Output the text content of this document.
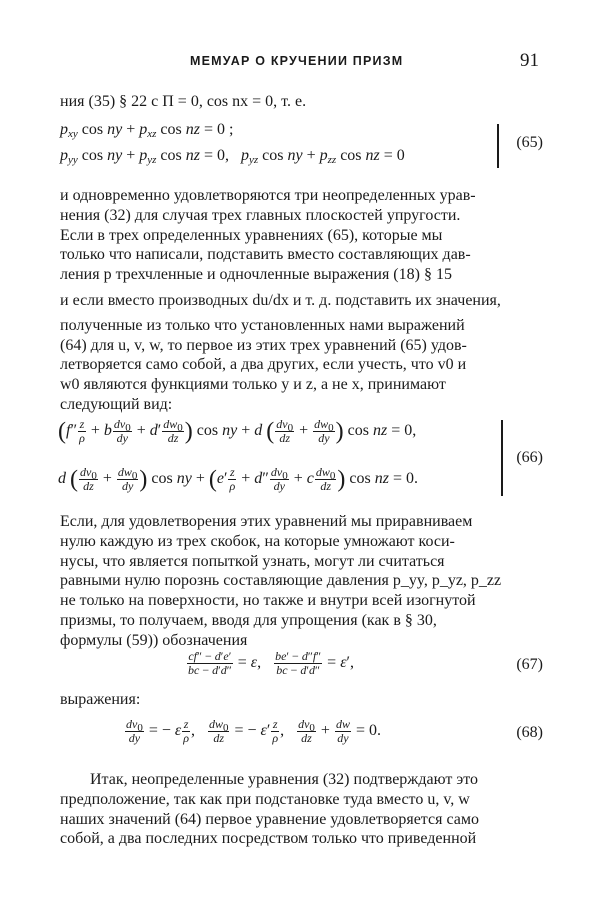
МЕМУАР О КРУЧЕНИИ ПРИЗМ	91

ния (35) § 22 с П = 0, cos nx = 0, т. е.

$p_{xy}$ cos ny + $p_{xz}$ cos nz = 0 ;
$p_{yy}$ cos ny + $p_{yz}$ cos nz = 0,   $p_{yz}$ cos ny + $p_{zz}$ cos nz = 0
(65)

и одновременно удовлетворяются три неопределенных урав-

нения (32) для случая трех главных плоскостей упругости.

Если в трех определенных уравнениях (65), которые мы

только что написали, подставить вместо составляющих дав-

ления p трехчленные и одночленные выражения (18) § 15

и если вместо производных du/dx и т. д. подставить их значения,

полученные из только что установленных нами выражений

(64) для u, v, w, то первое из этих трех уравнений (65) удов-

летворяется само собой, а два других, если учесть, что v0 и

w0 являются функциями только y и z, а не x, принимают

следующий вид:

($f'' \frac{z}{\rho} + b \frac{dv_0}{dy} + d' \frac{dw_0}{dz}$ ) cos ny + d ( $\frac{dv_0}{dz} + \frac{dw_0}{dy}$ ) cos nz = 0,
d ( $\frac{dv_0}{dz} + \frac{dw_0}{dy}$ ) cos ny + ($e' \frac{z}{\rho} + d'' \frac{dv_0}{dy} + c \frac{dw_0}{dz}$ ) cos nz = 0.
(66)

Если, для удовлетворения этих уравнений мы приравниваем

нулю каждую из трех скобок, на которые умножают коси-

нусы, что является попыткой узнать, могут ли считаться

равными нулю порознь составляющие давления p_yy, p_yz, p_zz

не только на поверхности, но также и внутри всей изогнутой

призмы, то получаем, вводя для упрощения (как в § 30,

формулы (59)) обозначения

$\frac{cf'' - d'e'}{bc - d'd''} = \varepsilon$, $\frac{be' - d''f''}{bc - d'd''} = \varepsilon'$,	(67)

выражения:

$\frac{dv_0}{dy}$ = − ε $\frac{z}{\rho}$ , $\frac{dw_0}{dz}$ = − $\varepsilon' \frac{z}{\rho}$ , $\frac{dv_0}{dz} + \frac{dw}{dy} = 0$.	(68)

Итак, неопределенные уравнения (32) подтверждают это

предположение, так как при подстановке туда вместо u, v, w

наших значений (64) первое уравнение удовлетворяется само

собой, а два последних посредством только что приведенной
